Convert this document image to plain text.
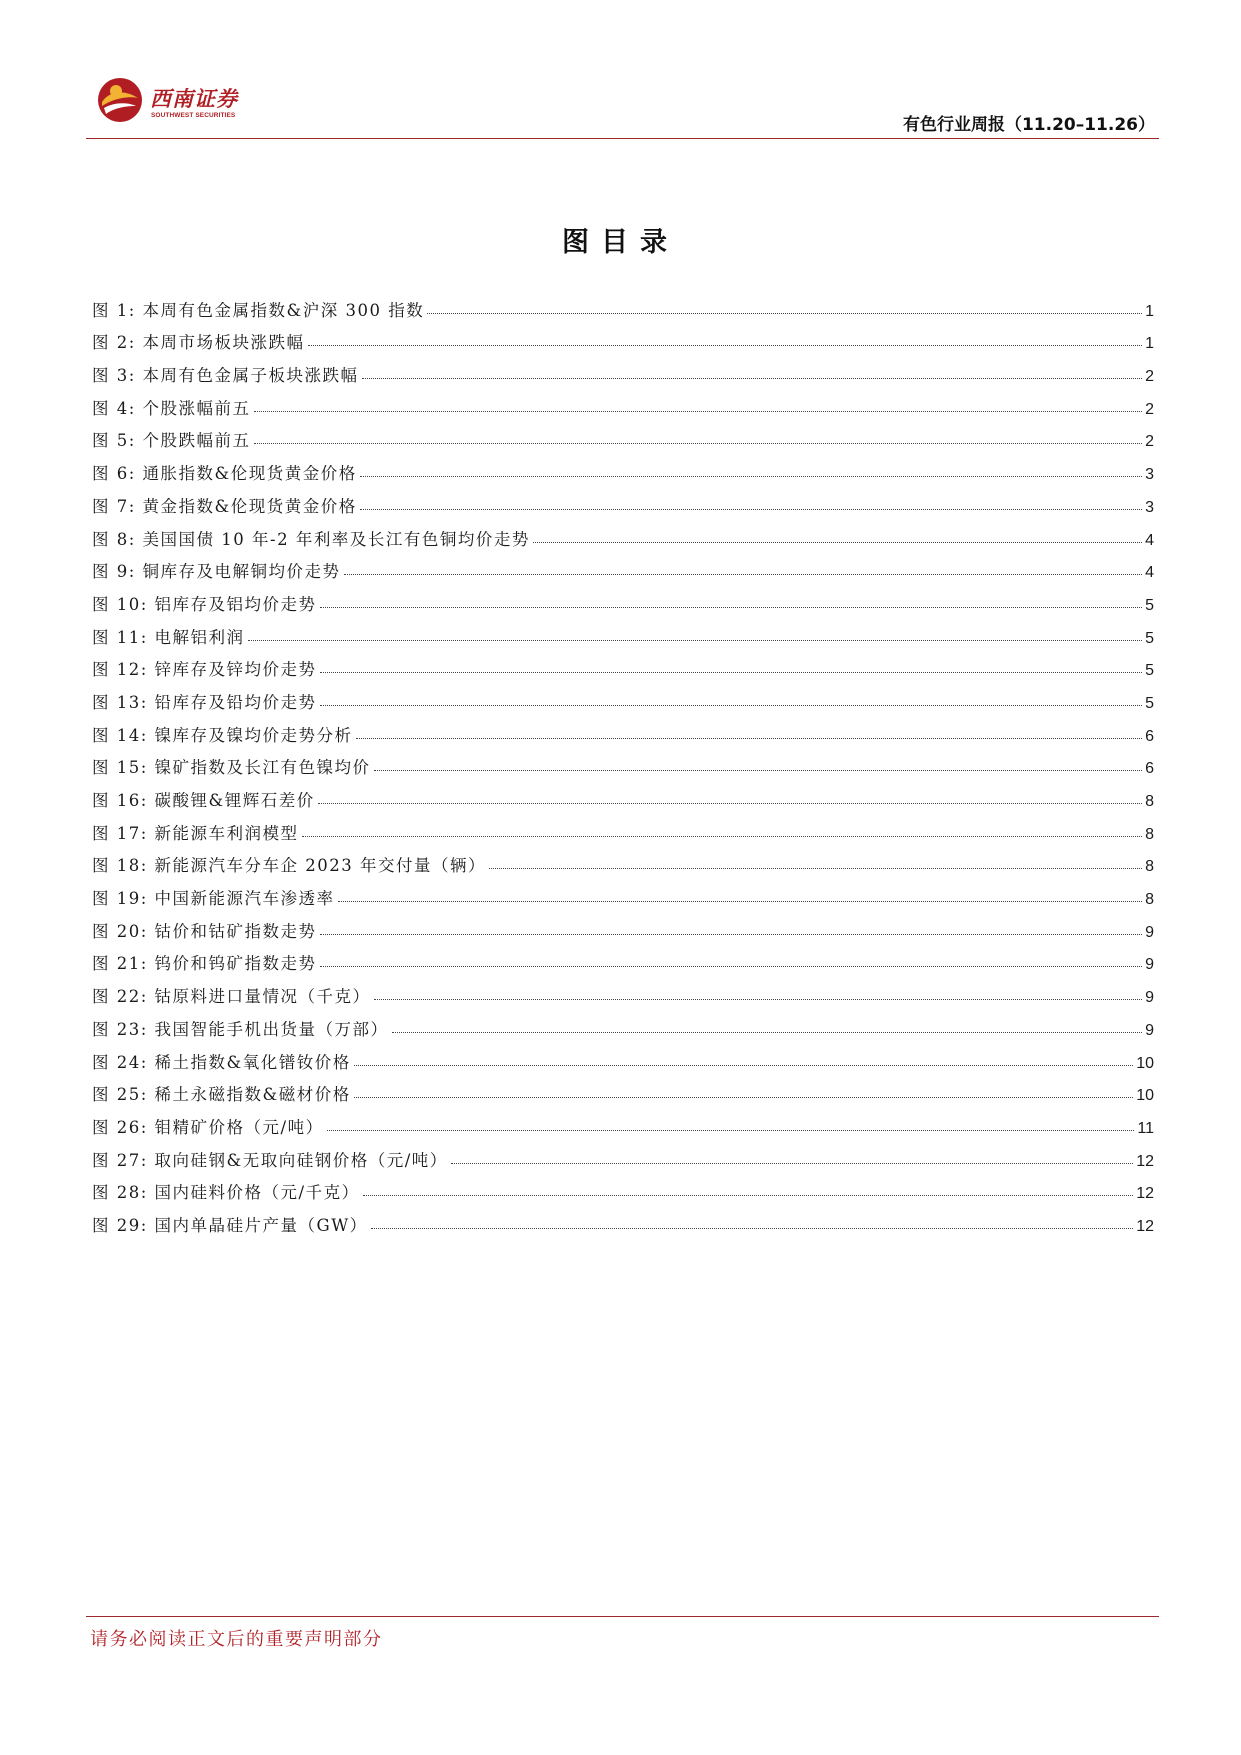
西南证券
SOUTHWEST SECURITIES	有色行业周报（11.20–11.26）
图目录
图 1: 本周有色金属指数&沪深 300 指数	1
图 2: 本周市场板块涨跌幅	1
图 3: 本周有色金属子板块涨跌幅	2
图 4: 个股涨幅前五	2
图 5: 个股跌幅前五	2
图 6: 通胀指数&伦现货黄金价格	3
图 7: 黄金指数&伦现货黄金价格	3
图 8: 美国国债 10 年-2 年利率及长江有色铜均价走势	4
图 9: 铜库存及电解铜均价走势	4
图 10: 铝库存及铝均价走势	5
图 11: 电解铝利润	5
图 12: 锌库存及锌均价走势	5
图 13: 铅库存及铅均价走势	5
图 14: 镍库存及镍均价走势分析	6
图 15: 镍矿指数及长江有色镍均价	6
图 16: 碳酸锂&锂辉石差价	8
图 17: 新能源车利润模型	8
图 18: 新能源汽车分车企 2023 年交付量（辆）	8
图 19: 中国新能源汽车渗透率	8
图 20: 钴价和钴矿指数走势	9
图 21: 钨价和钨矿指数走势	9
图 22: 钴原料进口量情况（千克）	9
图 23: 我国智能手机出货量（万部）	9
图 24: 稀土指数&氧化镨钕价格	10
图 25: 稀土永磁指数&磁材价格	10
图 26: 钼精矿价格（元/吨）	11
图 27: 取向硅钢&无取向硅钢价格（元/吨）	12
图 28: 国内硅料价格（元/千克）	12
图 29: 国内单晶硅片产量（GW）	12
请务必阅读正文后的重要声明部分
